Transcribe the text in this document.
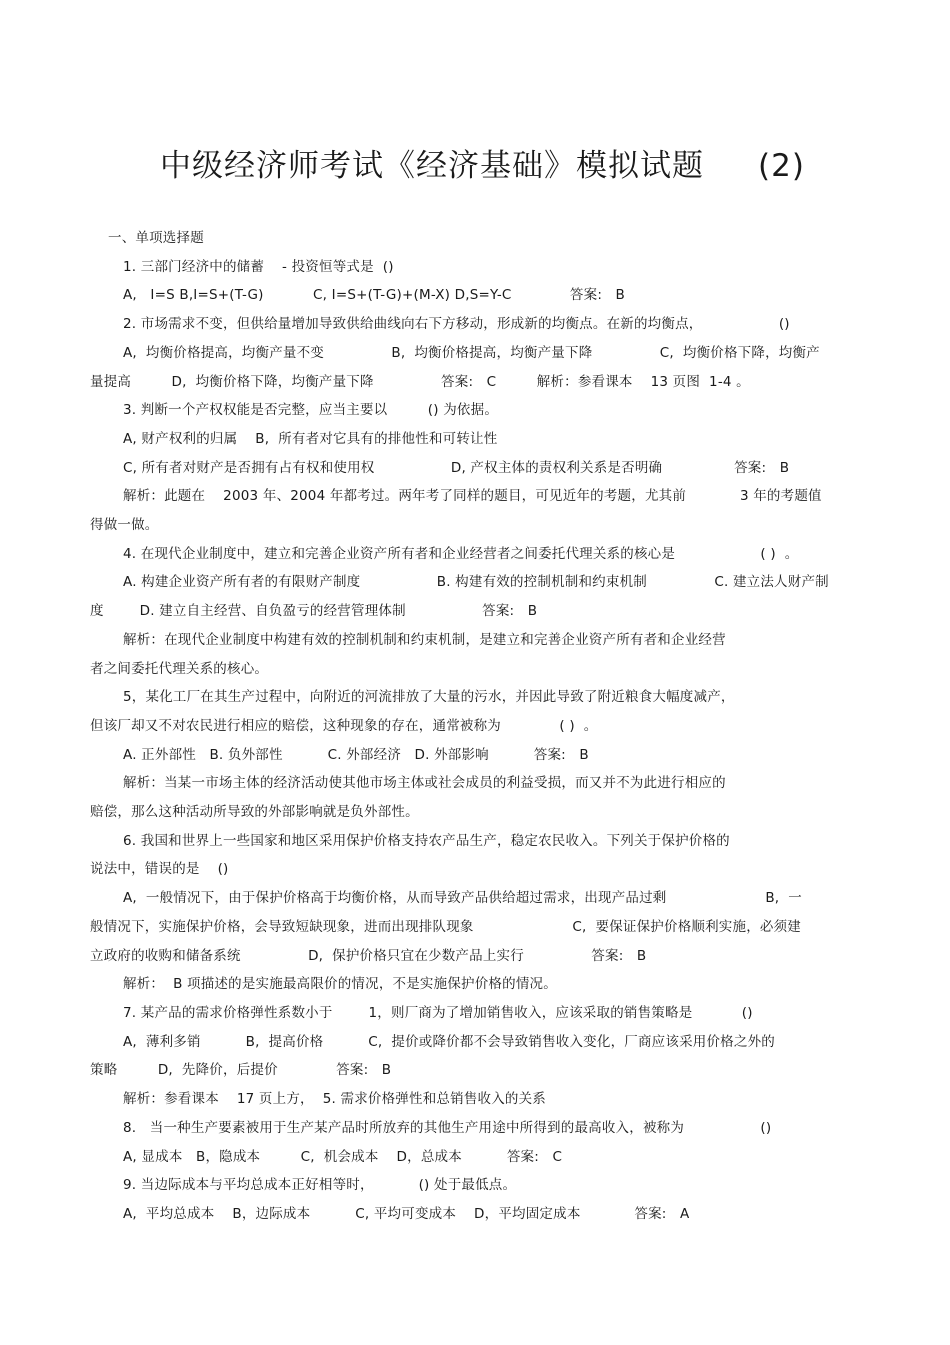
中级经济师考试《经济基础》模拟试题 (2)
一、单项选择题
1. 三部门经济中的储蓄    - 投资恒等式是  ()
A,   I=S B,I=S+(T-G)           C, I=S+(T-G)+(M-X) D,S=Y-C             答案:   B
2. 市场需求不变，但供给量增加导致供给曲线向右下方移动，形成新的均衡点。在新的均衡点，                 ()
A,  均衡价格提高，均衡产量不变               B,  均衡价格提高，均衡产量下降               C,  均衡价格下降，均衡产
量提高         D,  均衡价格下降，均衡产量下降               答案:   C         解析：参看课本    13 页图  1-4 。
3. 判断一个产权权能是否完整，应当主要以         () 为依据。
A, 财产权利的归属    B,  所有者对它具有的排他性和可转让性
C, 所有者对财产是否拥有占有权和使用权                 D, 产权主体的责权利关系是否明确                答案:   B
解析：此题在    2003 年、2004 年都考过。两年考了同样的题目，可见近年的考题，尤其前            3 年的考题值
得做一做。
4. 在现代企业制度中，建立和完善企业资产所有者和企业经营者之间委托代理关系的核心是                   ( )  。
A. 构建企业资产所有者的有限财产制度                 B. 构建有效的控制机制和约束机制               C. 建立法人财产制
度        D. 建立自主经营、自负盈亏的经营管理体制                 答案:   B
解析：在现代企业制度中构建有效的控制机制和约束机制，是建立和完善企业资产所有者和企业经营
者之间委托代理关系的核心。
5，某化工厂在其生产过程中，向附近的河流排放了大量的污水，并因此导致了附近粮食大幅度减产，
但该厂却又不对农民进行相应的赔偿，这种现象的存在，通常被称为             ( )  。
A. 正外部性   B. 负外部性          C. 外部经济   D. 外部影响          答案:   B
解析：当某一市场主体的经济活动使其他市场主体或社会成员的利益受损，而又并不为此进行相应的
赔偿，那么这种活动所导致的外部影响就是负外部性。
6. 我国和世界上一些国家和地区采用保护价格支持农产品生产，稳定农民收入。下列关于保护价格的
说法中，错误的是    ()
A,  一般情况下，由于保护价格高于均衡价格，从而导致产品供给超过需求，出现产品过剩                      B,  一
般情况下，实施保护价格，会导致短缺现象，进而出现排队现象                      C,  要保证保护价格顺利实施，必须建
立政府的收购和储备系统               D,  保护价格只宜在少数产品上实行               答案:   B
解析：  B 项描述的是实施最高限价的情况，不是实施保护价格的情况。
7. 某产品的需求价格弹性系数小于        1，则厂商为了增加销售收入，应该采取的销售策略是           ()
A,  薄利多销          B,  提高价格          C,  提价或降价都不会导致销售收入变化，厂商应该采用价格之外的
策略         D,  先降价，后提价             答案:   B
解析：参看课本    17 页上方，  5. 需求价格弹性和总销售收入的关系
8.   当一种生产要素被用于生产某产品时所放弃的其他生产用途中所得到的最高收入，被称为                 ()
A, 显成本   B，隐成本         C,  机会成本    D，总成本          答案:   C
9. 当边际成本与平均总成本正好相等时，          () 处于最低点。
A,  平均总成本    B，边际成本          C, 平均可变成本    D，平均固定成本            答案:   A
